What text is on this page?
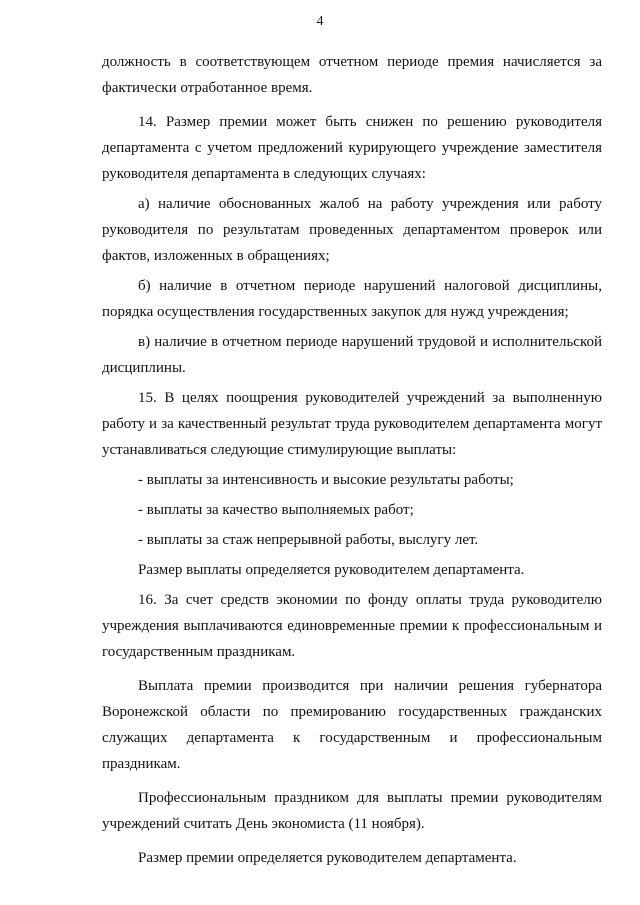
4

должность в соответствующем отчетном периоде премия начисляется за фактически отработанное время.

14. Размер премии может быть снижен по решению руководителя департамента с учетом предложений курирующего учреждение заместителя руководителя департамента в следующих случаях:

а) наличие обоснованных жалоб на работу учреждения или работу руководителя по результатам проведенных департаментом проверок или фактов, изложенных в обращениях;

б) наличие в отчетном периоде нарушений налоговой дисциплины, порядка осуществления государственных закупок для нужд учреждения;

в) наличие в отчетном периоде нарушений трудовой и исполнительской дисциплины.

15. В целях поощрения руководителей учреждений за выполненную работу и за качественный результат труда руководителем департамента могут устанавливаться следующие стимулирующие выплаты:

- выплаты за интенсивность и высокие результаты работы;

- выплаты за качество выполняемых работ;

- выплаты за стаж непрерывной работы, выслугу лет.

Размер выплаты определяется руководителем департамента.

16. За счет средств экономии по фонду оплаты труда руководителю учреждения выплачиваются единовременные премии к профессиональным и государственным праздникам.

Выплата премии производится при наличии решения губернатора Воронежской области по премированию государственных гражданских служащих департамента к государственным и профессиональным праздникам.

Профессиональным праздником для выплаты премии руководителям учреждений считать День экономиста (11 ноября).

Размер премии определяется руководителем департамента.
